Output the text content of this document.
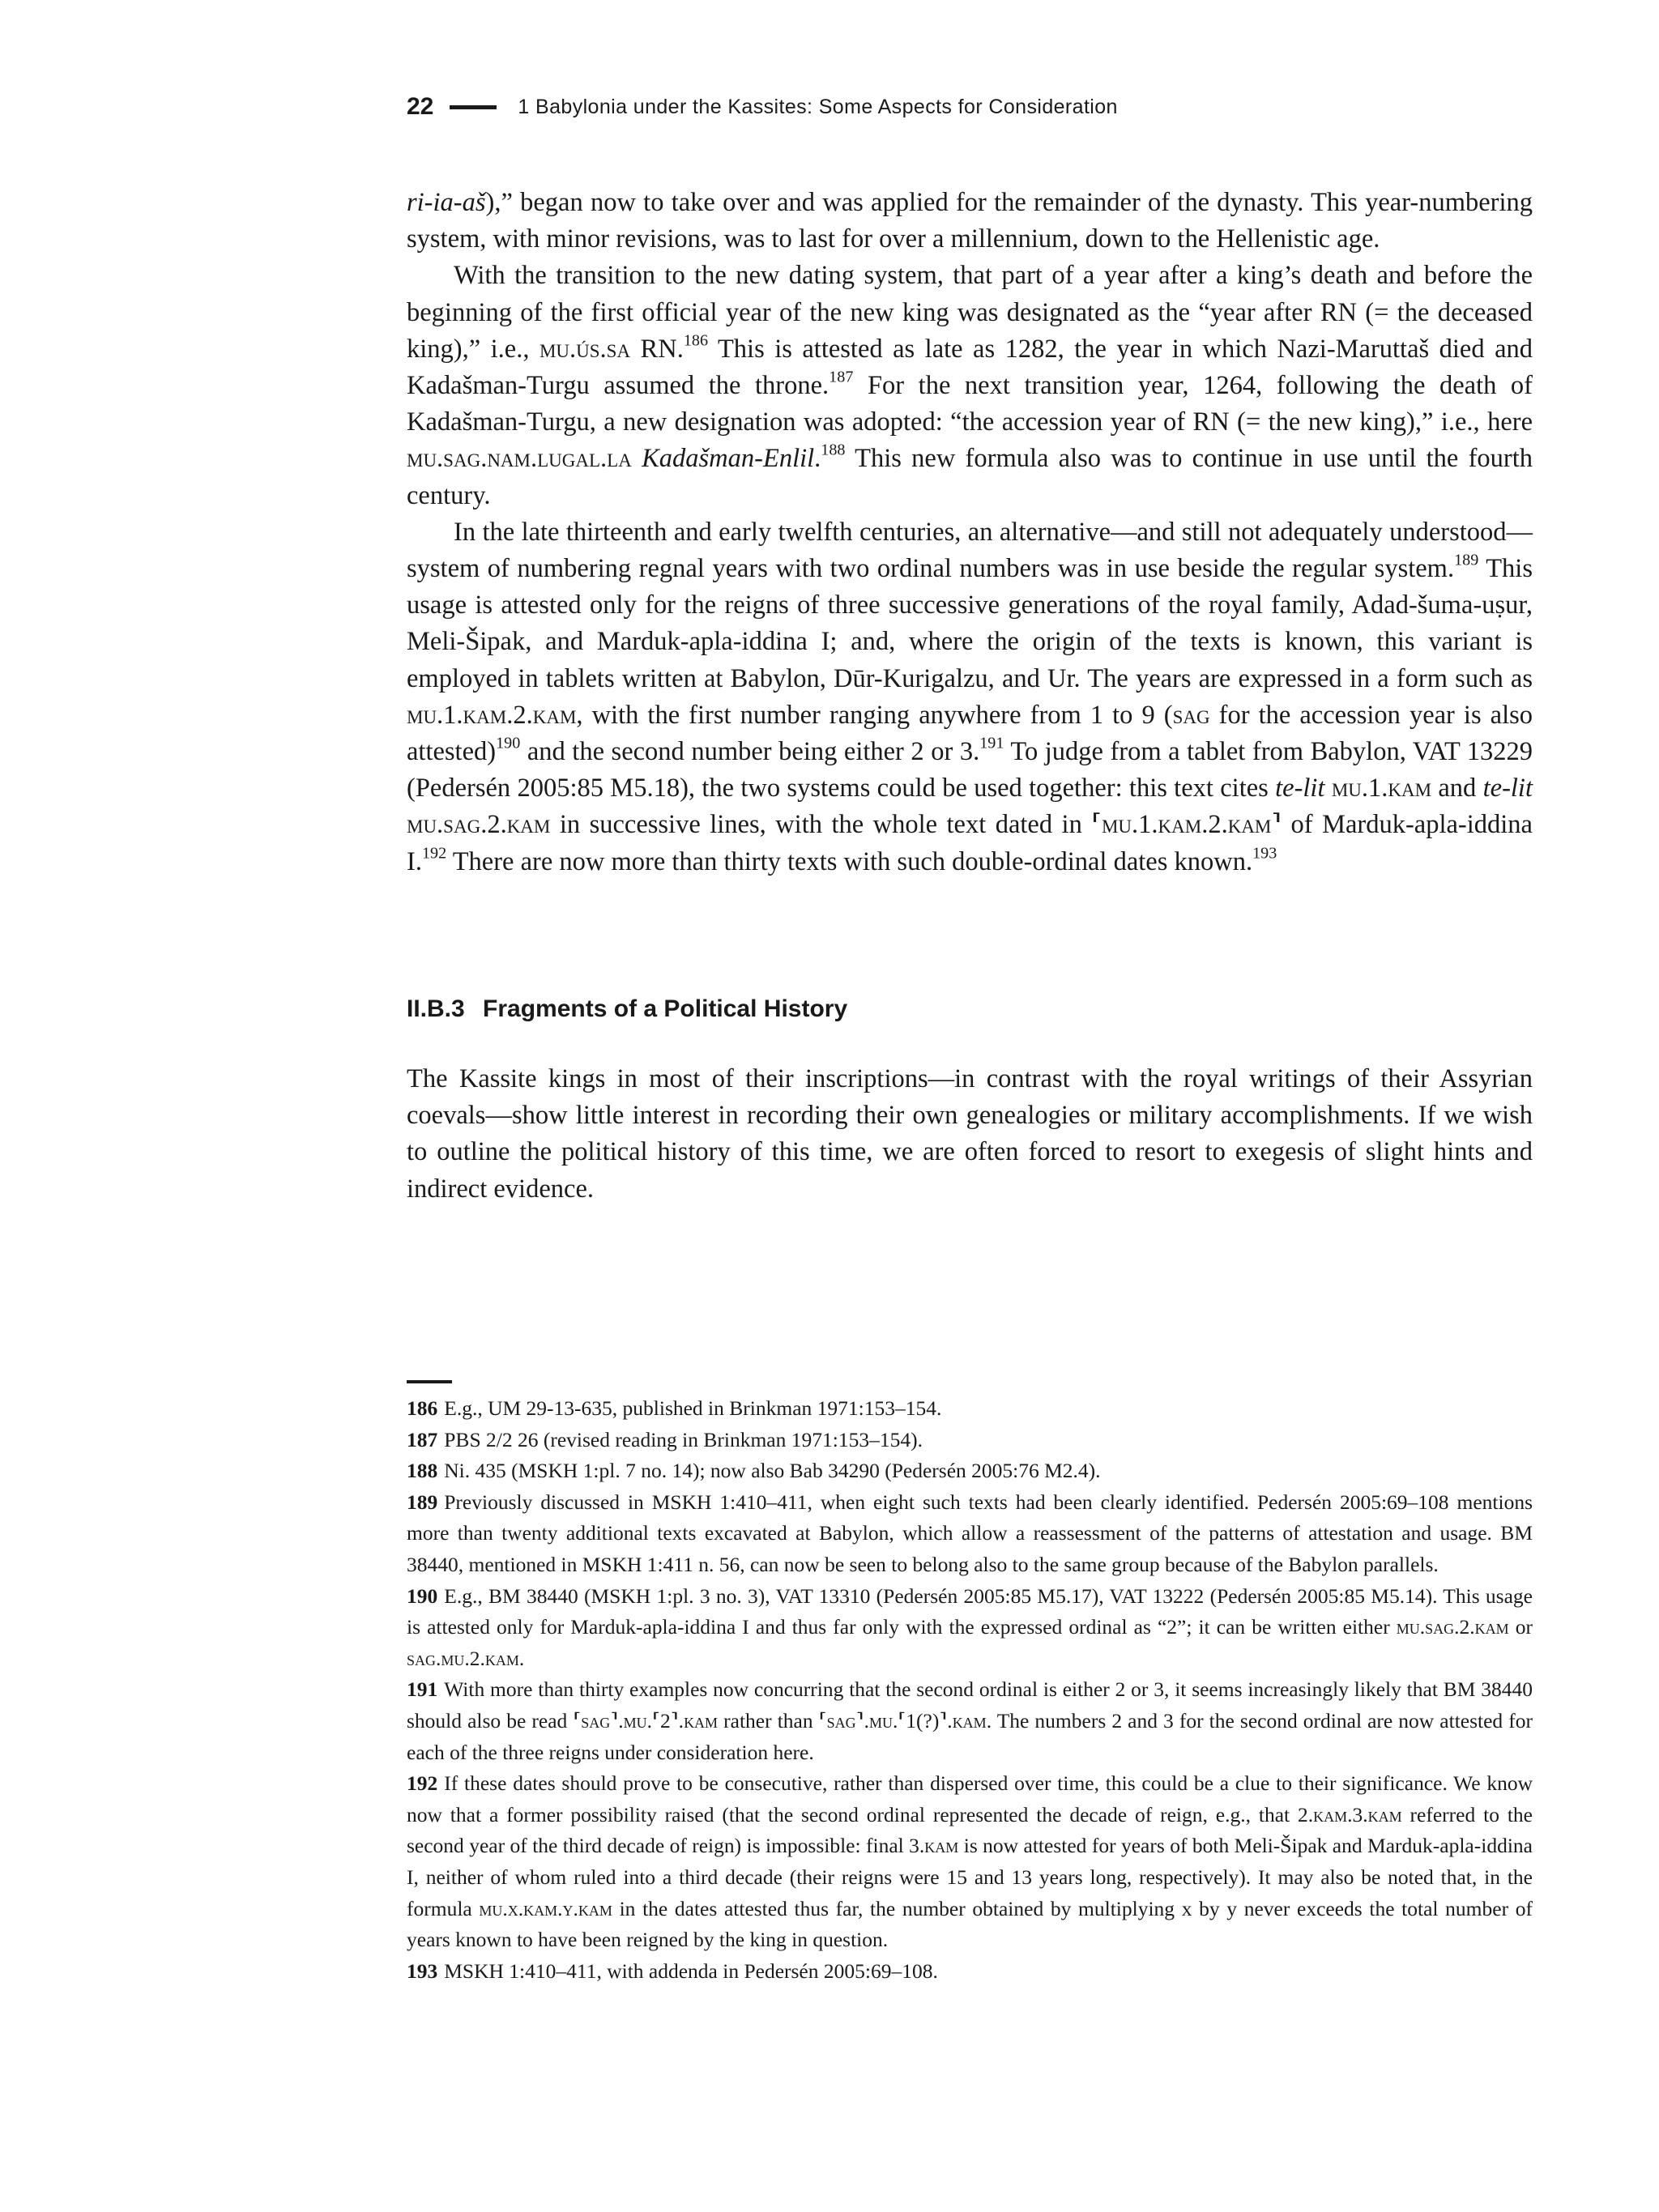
22	1 Babylonia under the Kassites: Some Aspects for Consideration

ri-ia-aš),” began now to take over and was applied for the remainder of the dynasty. This year-numbering system, with minor revisions, was to last for over a millennium, down to the Hellenistic age.

With the transition to the new dating system, that part of a year after a king’s death and before the beginning of the first official year of the new king was designated as the “year after RN (= the deceased king),” i.e., mu.ús.sa RN.$^{186}$ This is attested as late as 1282, the year in which Nazi-Maruttaš died and Kadašman-Turgu assumed the throne.$^{187}$ For the next transition year, 1264, following the death of Kadašman-Turgu, a new designation was adopted: “the accession year of RN (= the new king),” i.e., here mu.sag.nam.lugal.la Kadašman-Enlil.$^{188}$ This new formula also was to continue in use until the fourth century.

In the late thirteenth and early twelfth centuries, an alternative—and still not adequately understood—system of numbering regnal years with two ordinal numbers was in use beside the regular system.$^{189}$ This usage is attested only for the reigns of three successive generations of the royal family, Adad-šuma-uṣur, Meli-Šipak, and Marduk-apla-iddina I; and, where the origin of the texts is known, this variant is employed in tablets written at Babylon, Dūr-Kurigalzu, and Ur. The years are expressed in a form such as mu.1.kam.2.kam, with the first number ranging anywhere from 1 to 9 (sag for the accession year is also attested)$^{190}$ and the second number being either 2 or 3.$^{191}$ To judge from a tablet from Babylon, VAT 13229 (Pedersén 2005:85 M5.18), the two systems could be used together: this text cites te-lit mu.1.kam and te-lit mu.sag.2.kam in successive lines, with the whole text dated in ⸢mu.1.kam.2.kam⸣ of Marduk-apla-iddina I.$^{192}$ There are now more than thirty texts with such double-ordinal dates known.$^{193}$

II.B.3 Fragments of a Political History

The Kassite kings in most of their inscriptions—in contrast with the royal writings of their Assyrian coevals—show little interest in recording their own genealogies or military accomplishments. If we wish to outline the political history of this time, we are often forced to resort to exegesis of slight hints and indirect evidence.

186 E.g., UM 29-13-635, published in Brinkman 1971:153–154.

187 PBS 2/2 26 (revised reading in Brinkman 1971:153–154).

188 Ni. 435 (MSKH 1:pl. 7 no. 14); now also Bab 34290 (Pedersén 2005:76 M2.4).

189 Previously discussed in MSKH 1:410–411, when eight such texts had been clearly identified. Pedersén 2005:69–108 mentions more than twenty additional texts excavated at Babylon, which allow a reassessment of the patterns of attestation and usage. BM 38440, mentioned in MSKH 1:411 n. 56, can now be seen to belong also to the same group because of the Babylon parallels.

190 E.g., BM 38440 (MSKH 1:pl. 3 no. 3), VAT 13310 (Pedersén 2005:85 M5.17), VAT 13222 (Pedersén 2005:85 M5.14). This usage is attested only for Marduk-apla-iddina I and thus far only with the expressed ordinal as “2”; it can be written either mu.sag.2.kam or sag.mu.2.kam.

191 With more than thirty examples now concurring that the second ordinal is either 2 or 3, it seems increasingly likely that BM 38440 should also be read ⸢sag⸣.mu.⸢2⸣.kam rather than ⸢sag⸣.mu.⸢1(?)⸣.kam. The numbers 2 and 3 for the second ordinal are now attested for each of the three reigns under consideration here.

192 If these dates should prove to be consecutive, rather than dispersed over time, this could be a clue to their significance. We know now that a former possibility raised (that the second ordinal represented the decade of reign, e.g., that 2.kam.3.kam referred to the second year of the third decade of reign) is impossible: final 3.kam is now attested for years of both Meli-Šipak and Marduk-apla-iddina I, neither of whom ruled into a third decade (their reigns were 15 and 13 years long, respectively). It may also be noted that, in the formula mu.x.kam.y.kam in the dates attested thus far, the number obtained by multiplying x by y never exceeds the total number of years known to have been reigned by the king in question.

193 MSKH 1:410–411, with addenda in Pedersén 2005:69–108.
